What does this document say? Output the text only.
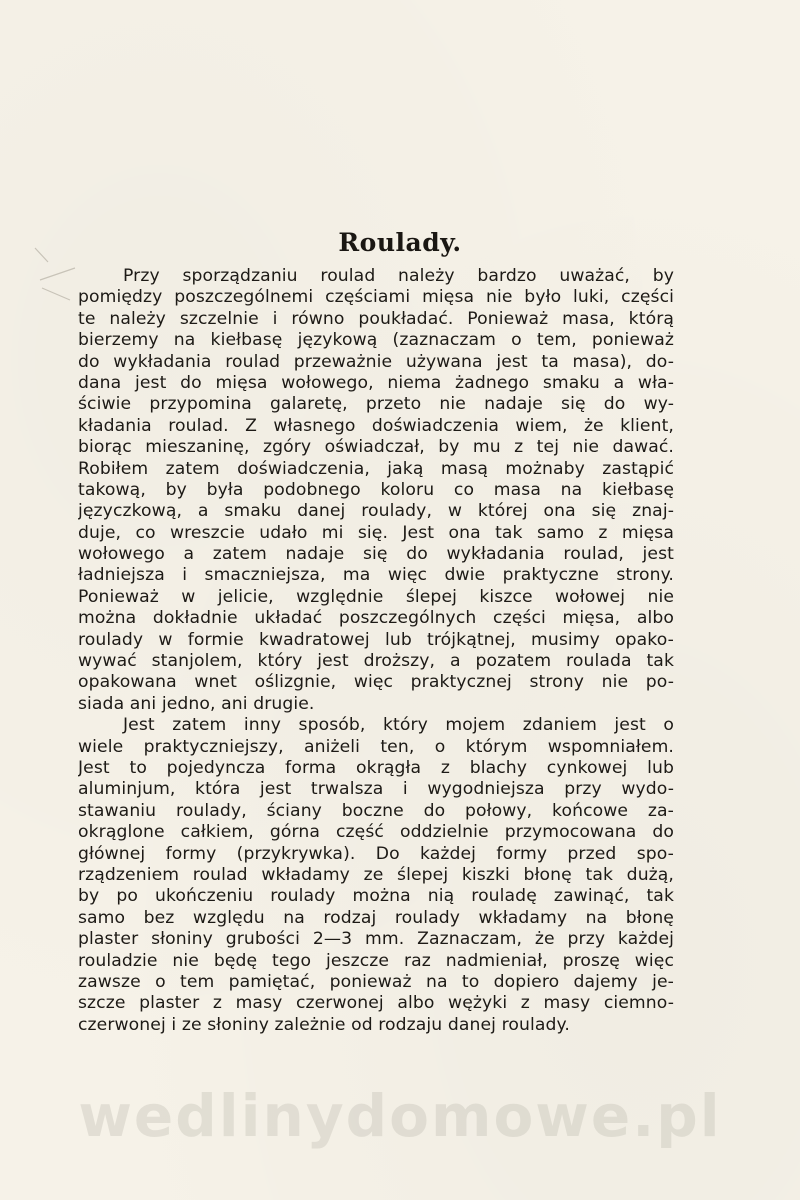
Roulady.
Przy sporządzaniu roulad należy bardzo uważać, by
pomiędzy poszczególnemi częściami mięsa nie było luki, części
te należy szczelnie i równo poukładać. Ponieważ masa, którą
bierzemy na kiełbasę językową (zaznaczam o tem, ponieważ
do wykładania roulad przeważnie używana jest ta masa), do-
dana jest do mięsa wołowego, niema żadnego smaku a wła-
ściwie przypomina galaretę, przeto nie nadaje się do wy-
kładania roulad. Z własnego doświadczenia wiem, że klient,
biorąc mieszaninę, zgóry oświadczał, by mu z tej nie dawać.
Robiłem zatem doświadczenia, jaką masą możnaby zastąpić
takową, by była podobnego koloru co masa na kiełbasę
języczkową, a smaku danej roulady, w której ona się znaj-
duje, co wreszcie udało mi się. Jest ona tak samo z mięsa
wołowego a zatem nadaje się do wykładania roulad, jest
ładniejsza i smaczniejsza, ma więc dwie praktyczne strony.
Ponieważ w jelicie, względnie ślepej kiszce wołowej nie
można dokładnie układać poszczególnych części mięsa, albo
roulady w formie kwadratowej lub trójkątnej, musimy opako-
wywać stanjolem, który jest droższy, a pozatem roulada tak
opakowana wnet oślizgnie, więc praktycznej strony nie po-
siada ani jedno, ani drugie.
Jest zatem inny sposób, który mojem zdaniem jest o
wiele praktyczniejszy, aniżeli ten, o którym wspomniałem.
Jest to pojedyncza forma okrągła z blachy cynkowej lub
aluminjum, która jest trwalsza i wygodniejsza przy wydo-
stawaniu roulady, ściany boczne do połowy, końcowe za-
okrąglone całkiem, górna część oddzielnie przymocowana do
głównej formy (przykrywka). Do każdej formy przed spo-
rządzeniem roulad wkładamy ze ślepej kiszki błonę tak dużą,
by po ukończeniu roulady można nią rouladę zawinąć, tak
samo bez względu na rodzaj roulady wkładamy na błonę
plaster słoniny grubości 2—3 mm. Zaznaczam, że przy każdej
rouladzie nie będę tego jeszcze raz nadmieniał, proszę więc
zawsze o tem pamiętać, ponieważ na to dopiero dajemy je-
szcze plaster z masy czerwonej albo wężyki z masy ciemno-
czerwonej i ze słoniny zależnie od rodzaju danej roulady.
wedlinydomowe.pl
